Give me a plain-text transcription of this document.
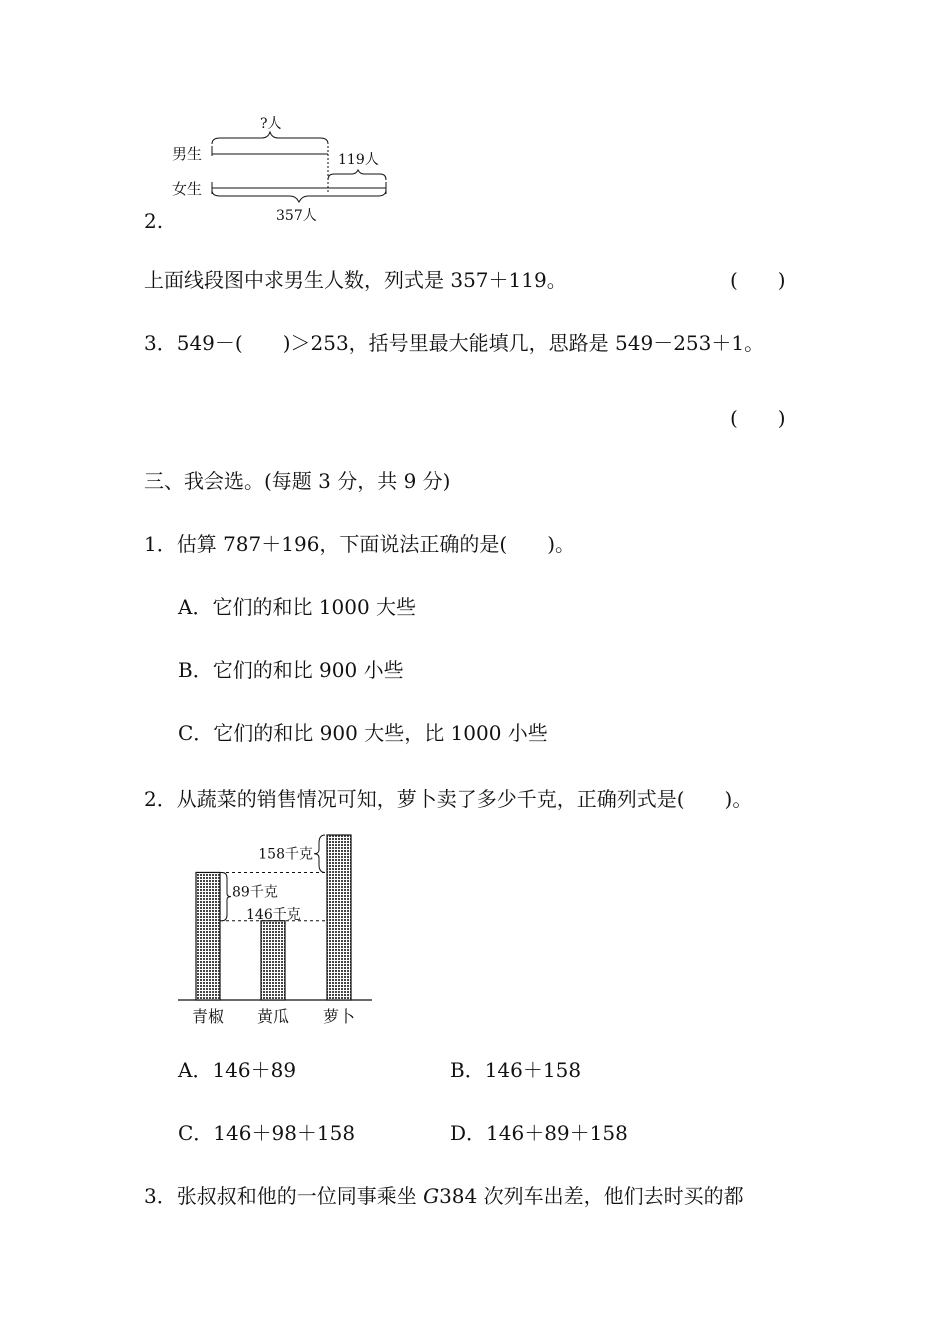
?人
男生	119人
女生
357人
2.
上面线段图中求男生人数，列式是 357＋119。	(　　)
3．549－(　　)＞253，括号里最大能填几，思路是 549－253＋1。
(　　)
三、我会选。(每题 3 分，共 9 分)
1．估算 787＋196，下面说法正确的是(　　)。
A．它们的和比 1000 大些
B．它们的和比 900 小些
C．它们的和比 900 大些，比 1000 小些
2．从蔬菜的销售情况可知，萝卜卖了多少千克，正确列式是(　　)。
青椒 黄瓜 萝卜
158千克
89千克
146千克
A．146＋89	B．146＋158
C．146＋98＋158	D．146＋89＋158
3．张叔叔和他的一位同事乘坐 G384 次列车出差，他们去时买的都
